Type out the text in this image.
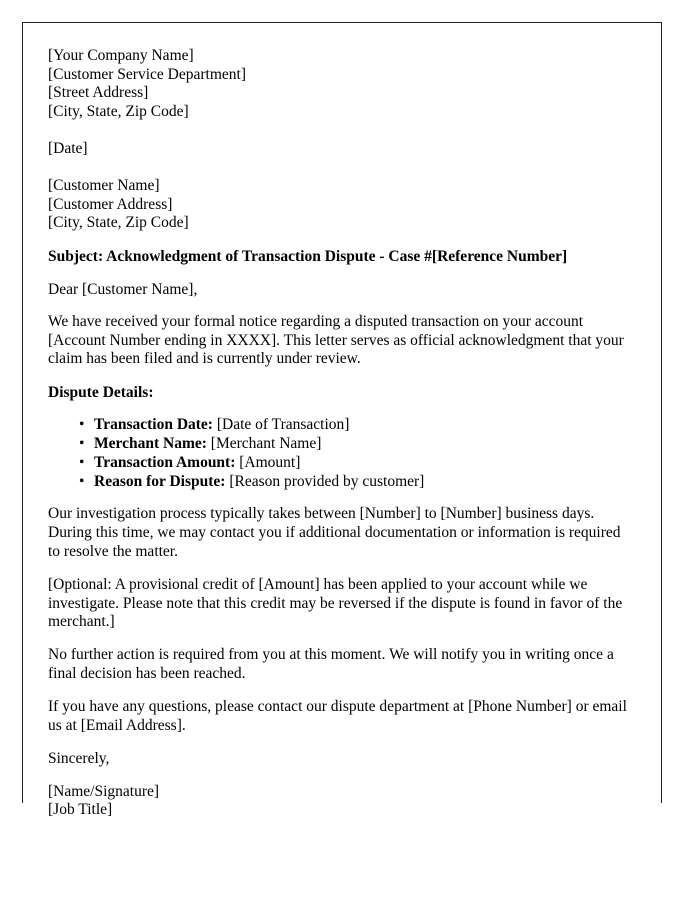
[Your Company Name]
[Customer Service Department]
[Street Address]
[City, State, Zip Code]
[Date]
[Customer Name]
[Customer Address]
[City, State, Zip Code]
Subject: Acknowledgment of Transaction Dispute - Case #[Reference Number]
Dear [Customer Name],

We have received your formal notice regarding a disputed transaction on your account [Account Number ending in XXXX]. This letter serves as official acknowledgment that your claim has been filed and is currently under review.

Dispute Details:
• Transaction Date: [Date of Transaction]
• Merchant Name: [Merchant Name]
• Transaction Amount: [Amount]
• Reason for Dispute: [Reason provided by customer]

Our investigation process typically takes between [Number] to [Number] business days. During this time, we may contact you if additional documentation or information is required to resolve the matter.

[Optional: A provisional credit of [Amount] has been applied to your account while we investigate. Please note that this credit may be reversed if the dispute is found in favor of the merchant.]

No further action is required from you at this moment. We will notify you in writing once a final decision has been reached.

If you have any questions, please contact our dispute department at [Phone Number] or email us at [Email Address].

Sincerely,
[Name/Signature]
[Job Title]
